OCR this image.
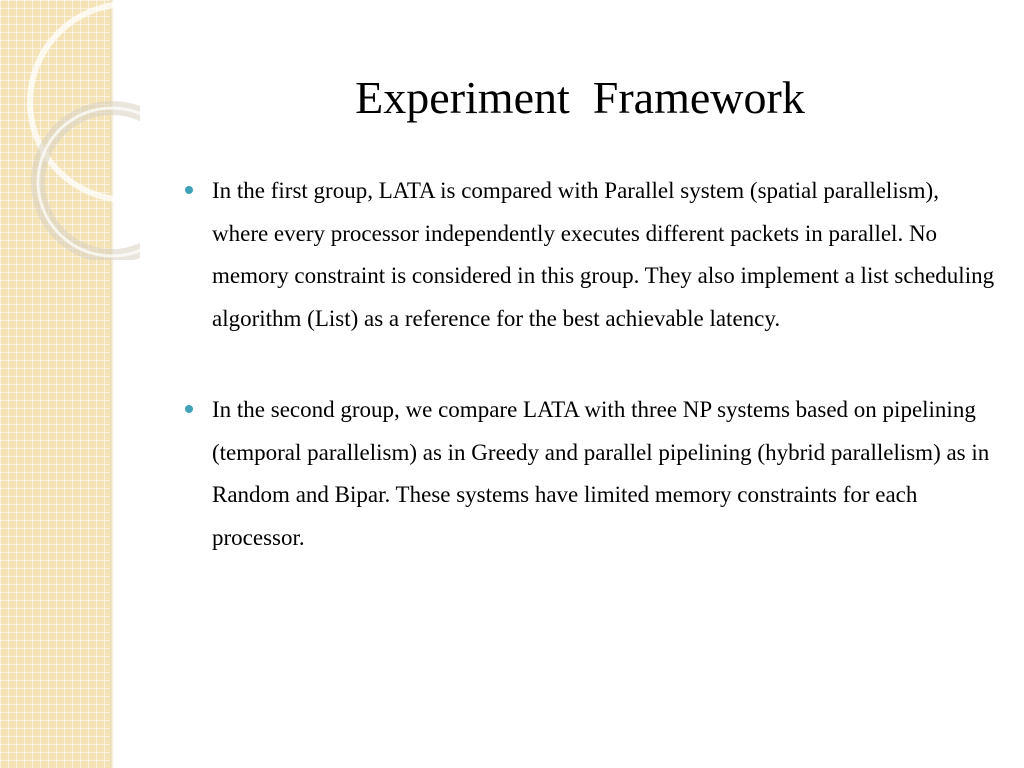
Experiment  Framework
In the first group, LATA is compared with Parallel system (spatial parallelism), where every processor independently executes different packets in parallel. No memory constraint is considered in this group. They also implement a list scheduling algorithm (List) as a reference for the best achievable latency.
In the second group, we compare LATA with three NP systems based on pipelining (temporal parallelism) as in Greedy and parallel pipelining (hybrid parallelism) as in Random and Bipar. These systems have limited memory constraints for each processor.
